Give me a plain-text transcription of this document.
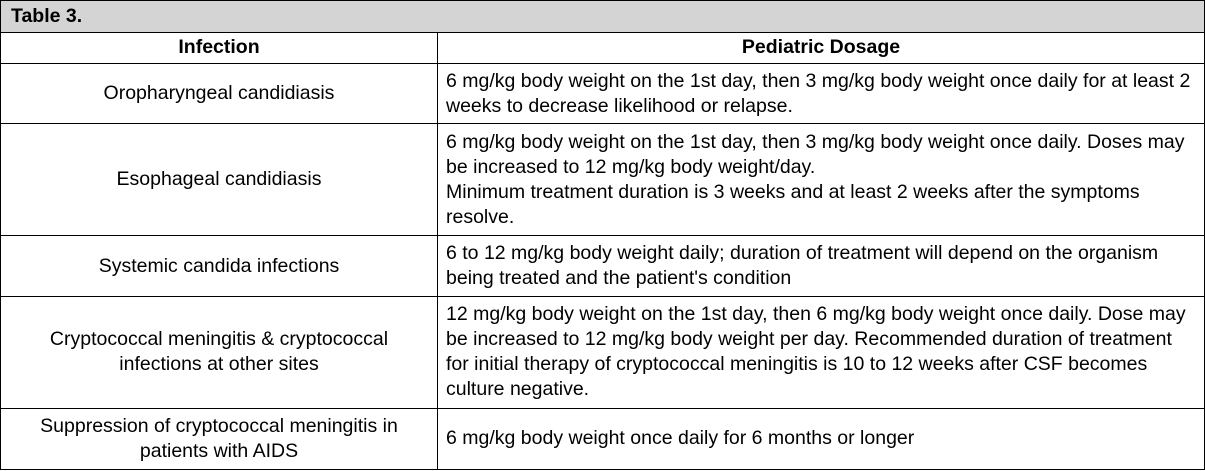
Table 3.	
Infection	Pediatric Dosage
Oropharyngeal candidiasis	6 mg/kg body weight on the 1st day, then 3 mg/kg body weight once daily for at least 2 weeks to decrease likelihood or relapse.

Esophageal candidiasis	6 mg/kg body weight on the 1st day, then 3 mg/kg body weight once daily. Doses may be increased to 12 mg/kg body weight/day.
Minimum treatment duration is 3 weeks and at least 2 weeks after the symptoms resolve.

Systemic candida infections	6 to 12 mg/kg body weight daily; duration of treatment will depend on the organism being treated and the patient's condition

Cryptococcal meningitis & cryptococcal infections at other sites	12 mg/kg body weight on the 1st day, then 6 mg/kg body weight once daily. Dose may be increased to 12 mg/kg body weight per day. Recommended duration of treatment for initial therapy of cryptococcal meningitis is 10 to 12 weeks after CSF becomes culture negative.

Suppression of cryptococcal meningitis in patients with AIDS	6 mg/kg body weight once daily for 6 months or longer
